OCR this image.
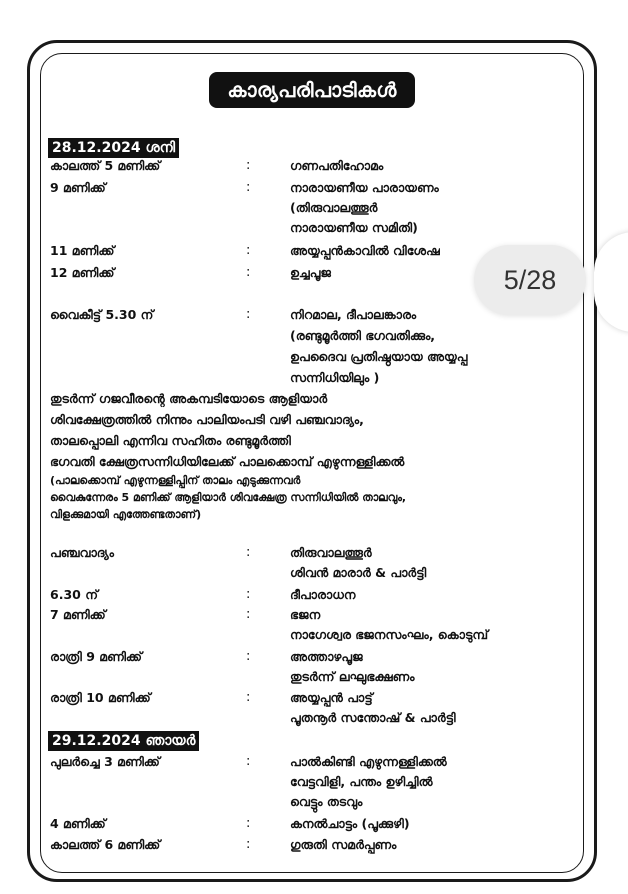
കാര്യപരിപാടികൾ
28.12.2024 ശനി
കാലത്ത് 5 മണിക്ക്	:	ഗണപതിഹോമം
9 മണിക്ക്	:	നാരായണീയ പാരായണം
(തിരുവാലത്തൂർ
നാരായണീയ സമിതി)
11 മണിക്ക്	:	അയ്യപ്പൻകാവിൽ വിശേഷ
12 മണിക്ക്	:	ഉച്ചപൂജ
വൈകീട്ട് 5.30 ന്	:	നിറമാല, ദീപാലങ്കാരം
(രണ്ടുമൂർത്തി ഭഗവതിക്കും,
ഉപദൈവ പ്രതിഷ്ഠയായ അയ്യപ്പ
സന്നിധിയിലും )
തുടർന്ന് ഗജവീരന്റെ അകമ്പടിയോടെ ആളിയാർ
ശിവക്ഷേത്രത്തിൽ നിന്നും പാലിയംപടി വഴി പഞ്ചവാദ്യം,
താലപ്പൊലി എന്നിവ സഹിതം രണ്ടുമൂർത്തി
ഭഗവതി ക്ഷേത്രസന്നിധിയിലേക്ക് പാലക്കൊമ്പ് എഴുന്നള്ളിക്കൽ
(പാലക്കൊമ്പ് എഴുന്നള്ളിപ്പിന് താലം എടുക്കുന്നവർ
വൈകുന്നേരം 5 മണിക്ക് ആളിയാർ ശിവക്ഷേത്ര സന്നിധിയിൽ താലവും,
വിളക്കുമായി എത്തേണ്ടതാണ്)
പഞ്ചവാദ്യം	:	തിരുവാലത്തൂർ
ശിവൻ മാരാർ & പാർട്ടി
6.30 ന്	:	ദീപാരാധന
7 മണിക്ക്	:	ഭജന
നാഗേശ്വര ഭജനസംഘം, കൊടുമ്പ്
രാത്രി 9 മണിക്ക്	:	അത്താഴപൂജ
തുടർന്ന് ലഘുഭക്ഷണം
രാത്രി 10 മണിക്ക്	:	അയ്യപ്പൻ പാട്ട്
പൂതനൂർ സന്തോഷ് & പാർട്ടി
29.12.2024 ഞായർ
പുലർച്ചെ 3 മണിക്ക്	:	പാൽകിണ്ടി എഴുന്നള്ളിക്കൽ
വേട്ടവിളി, പന്തം ഉഴിച്ചിൽ
വെട്ടും തടവും
4 മണിക്ക്	:	കനൽചാട്ടം (പൂക്കുഴി)
കാലത്ത് 6 മണിക്ക്	:	ഗുരുതി സമർപ്പണം
5/28
